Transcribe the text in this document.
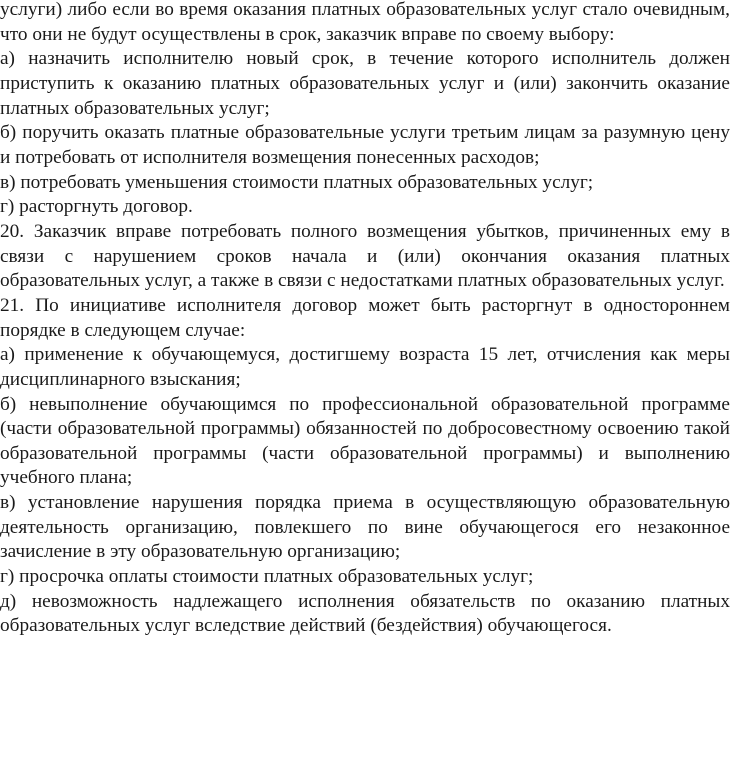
услуги) либо если во время оказания платных образовательных услуг стало очевидным, что они не будут осуществлены в срок, заказчик вправе по своему выбору:

а) назначить исполнителю новый срок, в течение которого исполнитель должен приступить к оказанию платных образовательных услуг и (или) закончить оказание платных образовательных услуг;

б) поручить оказать платные образовательные услуги третьим лицам за разумную цену и потребовать от исполнителя возмещения понесенных расходов;

в) потребовать уменьшения стоимости платных образовательных услуг;

г) расторгнуть договор.

20. Заказчик вправе потребовать полного возмещения убытков, причиненных ему в связи с нарушением сроков начала и (или) окончания оказания платных образовательных услуг, а также в связи с недостатками платных образовательных услуг.

21. По инициативе исполнителя договор может быть расторгнут в одностороннем порядке в следующем случае:

а) применение к обучающемуся, достигшему возраста 15 лет, отчисления как меры дисциплинарного взыскания;

б) невыполнение обучающимся по профессиональной образовательной программе (части образовательной программы) обязанностей по добросовестному освоению такой образовательной программы (части образовательной программы) и выполнению учебного плана;

в) установление нарушения порядка приема в осуществляющую образовательную деятельность организацию, повлекшего по вине обучающегося его незаконное зачисление в эту образовательную организацию;

г) просрочка оплаты стоимости платных образовательных услуг;

д) невозможность надлежащего исполнения обязательств по оказанию платных образовательных услуг вследствие действий (бездействия) обучающегося.
